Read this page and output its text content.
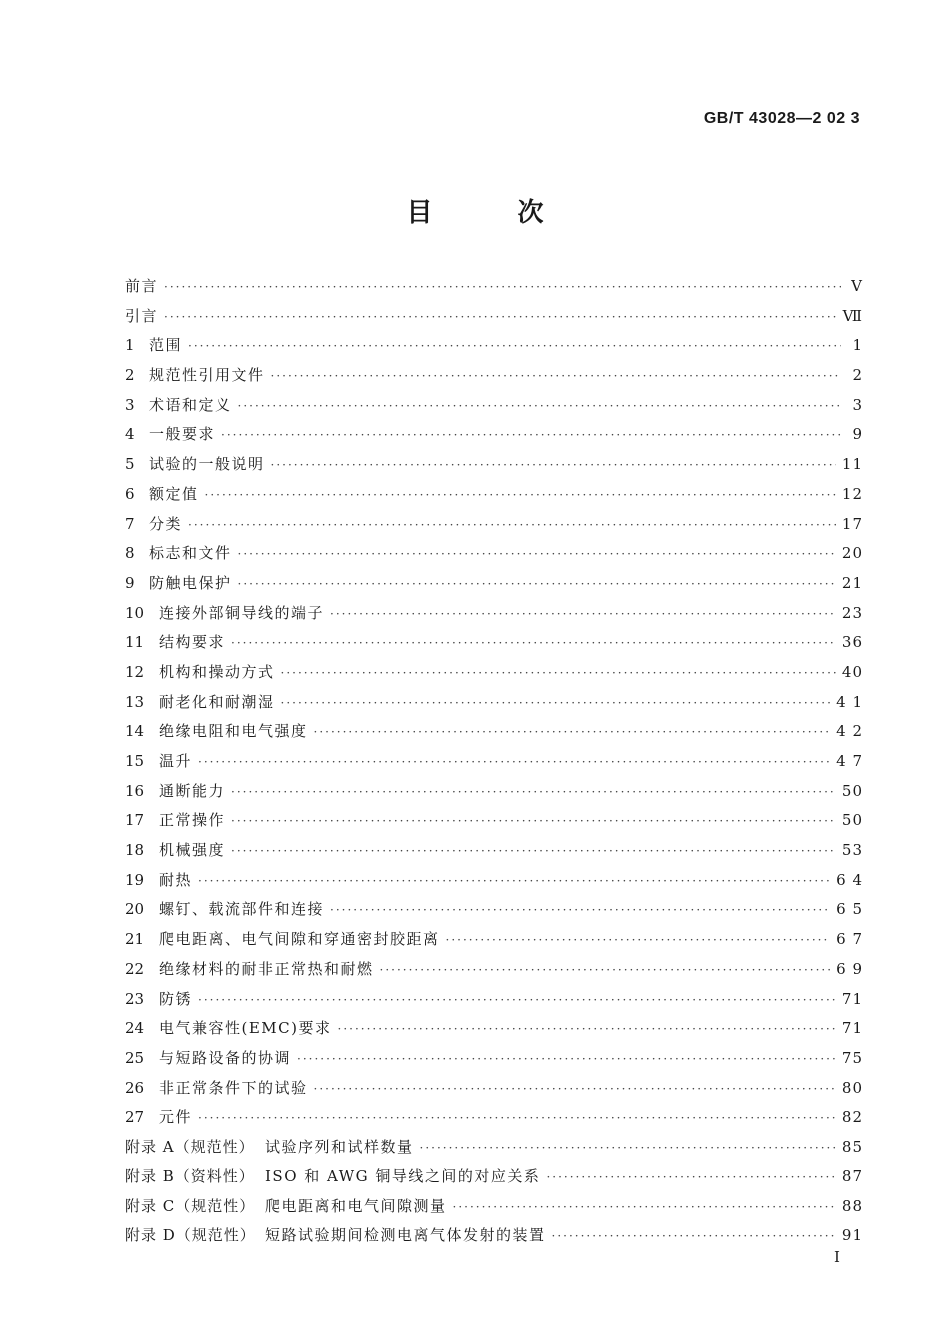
GB/T 43028—2 02 3
目 次
前言 ·····	V
引言 ·····	Ⅶ
1 范围 ·····	1
2 规范性引用文件 ·····	2
3 术语和定义 ·····	3
4 一般要求 ·····	9
5 试验的一般说明 ·····	11
6 额定值 ·····	12
7 分类 ·····	17
8 标志和文件 ·····	20
9 防触电保护 ·····	21
10 连接外部铜导线的端子 ·····	23
11 结构要求 ·····	36
12 机构和操动方式 ·····	40
13 耐老化和耐潮湿 ·····	4 1
14 绝缘电阻和电气强度 ·····	4 2
15 温升 ·····	4 7
16 通断能力 ·····	50
17 正常操作 ·····	50
18 机械强度 ·····	53
19 耐热 ·····	6 4
20 螺钉、载流部件和连接 ·····	6 5
21 爬电距离、电气间隙和穿通密封胶距离 ·····	6 7
22 绝缘材料的耐非正常热和耐燃 ·····	6 9
23 防锈 ·····	71
24 电气兼容性(EMC)要求 ·····	71
25 与短路设备的协调 ·····	75
26 非正常条件下的试验 ·····	80
27 元件 ·····	82
附录 A（规范性） 试验序列和试样数量 ·····	85
附录 B（资料性） ISO 和 AWG 铜导线之间的对应关系 ·····	87
附录 C（规范性） 爬电距离和电气间隙测量 ·····	88
附录 D（规范性） 短路试验期间检测电离气体发射的装置 ·····	91
I
